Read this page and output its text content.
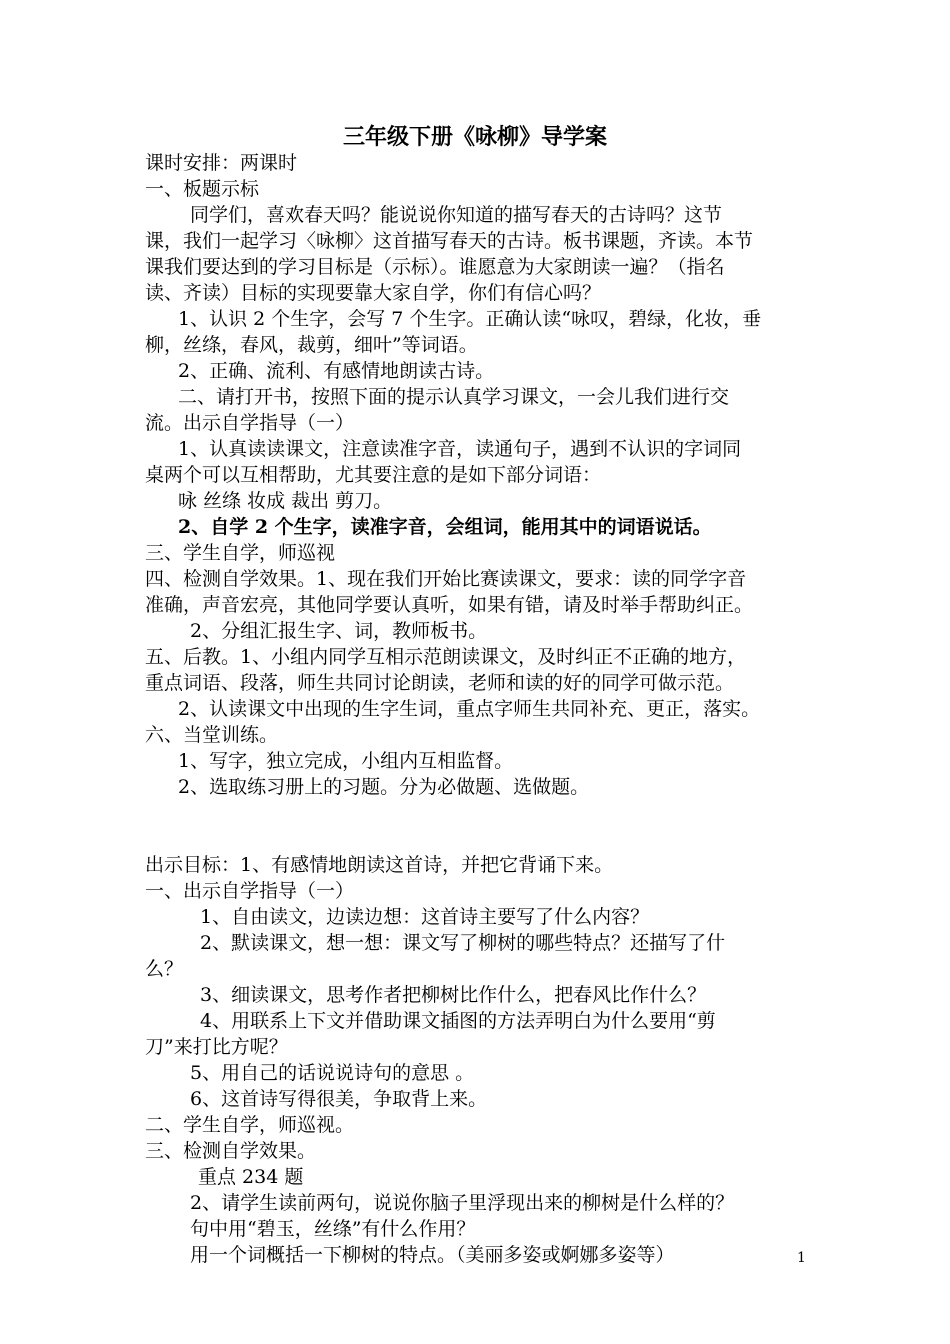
三年级下册《咏柳》导学案
课时安排：两课时
一、板题示标
同学们，喜欢春天吗？能说说你知道的描写春天的古诗吗？这节
课，我们一起学习〈咏柳〉这首描写春天的古诗。板书课题，齐读。本节
课我们要达到的学习目标是（示标）。谁愿意为大家朗读一遍？（指名
读、齐读）目标的实现要靠大家自学，你们有信心吗？
1、认识 2 个生字，会写 7 个生字。正确认读“咏叹，碧绿，化妆，垂
柳，丝绦，春风，裁剪，细叶”等词语。
2、正确、流利、有感情地朗读古诗。
二、请打开书，按照下面的提示认真学习课文，一会儿我们进行交
流。出示自学指导（一）
1、认真读读课文，注意读准字音，读通句子，遇到不认识的字词同
桌两个可以互相帮助，尤其要注意的是如下部分词语：
咏 丝绦 妆成 裁出 剪刀。
2、自学 2 个生字，读准字音，会组词，能用其中的词语说话。
三、学生自学，师巡视
四、检测自学效果。1、现在我们开始比赛读课文，要求：读的同学字音
准确，声音宏亮，其他同学要认真听，如果有错，请及时举手帮助纠正。
2、分组汇报生字、词，教师板书。
五、后教。1、小组内同学互相示范朗读课文，及时纠正不正确的地方，
重点词语、段落，师生共同讨论朗读，老师和读的好的同学可做示范。
2、认读课文中出现的生字生词，重点字师生共同补充、更正，落实。
六、当堂训练。
1、写字，独立完成，小组内互相监督。
2、选取练习册上的习题。分为必做题、选做题。
出示目标：1、有感情地朗读这首诗，并把它背诵下来。
一、出示自学指导（一）
1、自由读文，边读边想：这首诗主要写了什么内容？
2、默读课文，想一想：课文写了柳树的哪些特点？还描写了什
么？
3、细读课文，思考作者把柳树比作什么，把春风比作什么？
4、用联系上下文并借助课文插图的方法弄明白为什么要用“剪
刀”来打比方呢？
5、用自己的话说说诗句的意思 。
6、这首诗写得很美，争取背上来。
二、学生自学，师巡视。
三、检测自学效果。
重点 234 题
2、请学生读前两句，说说你脑子里浮现出来的柳树是什么样的？
句中用“碧玉，丝绦”有什么作用？
用一个词概括一下柳树的特点。（美丽多姿或婀娜多姿等）	1
